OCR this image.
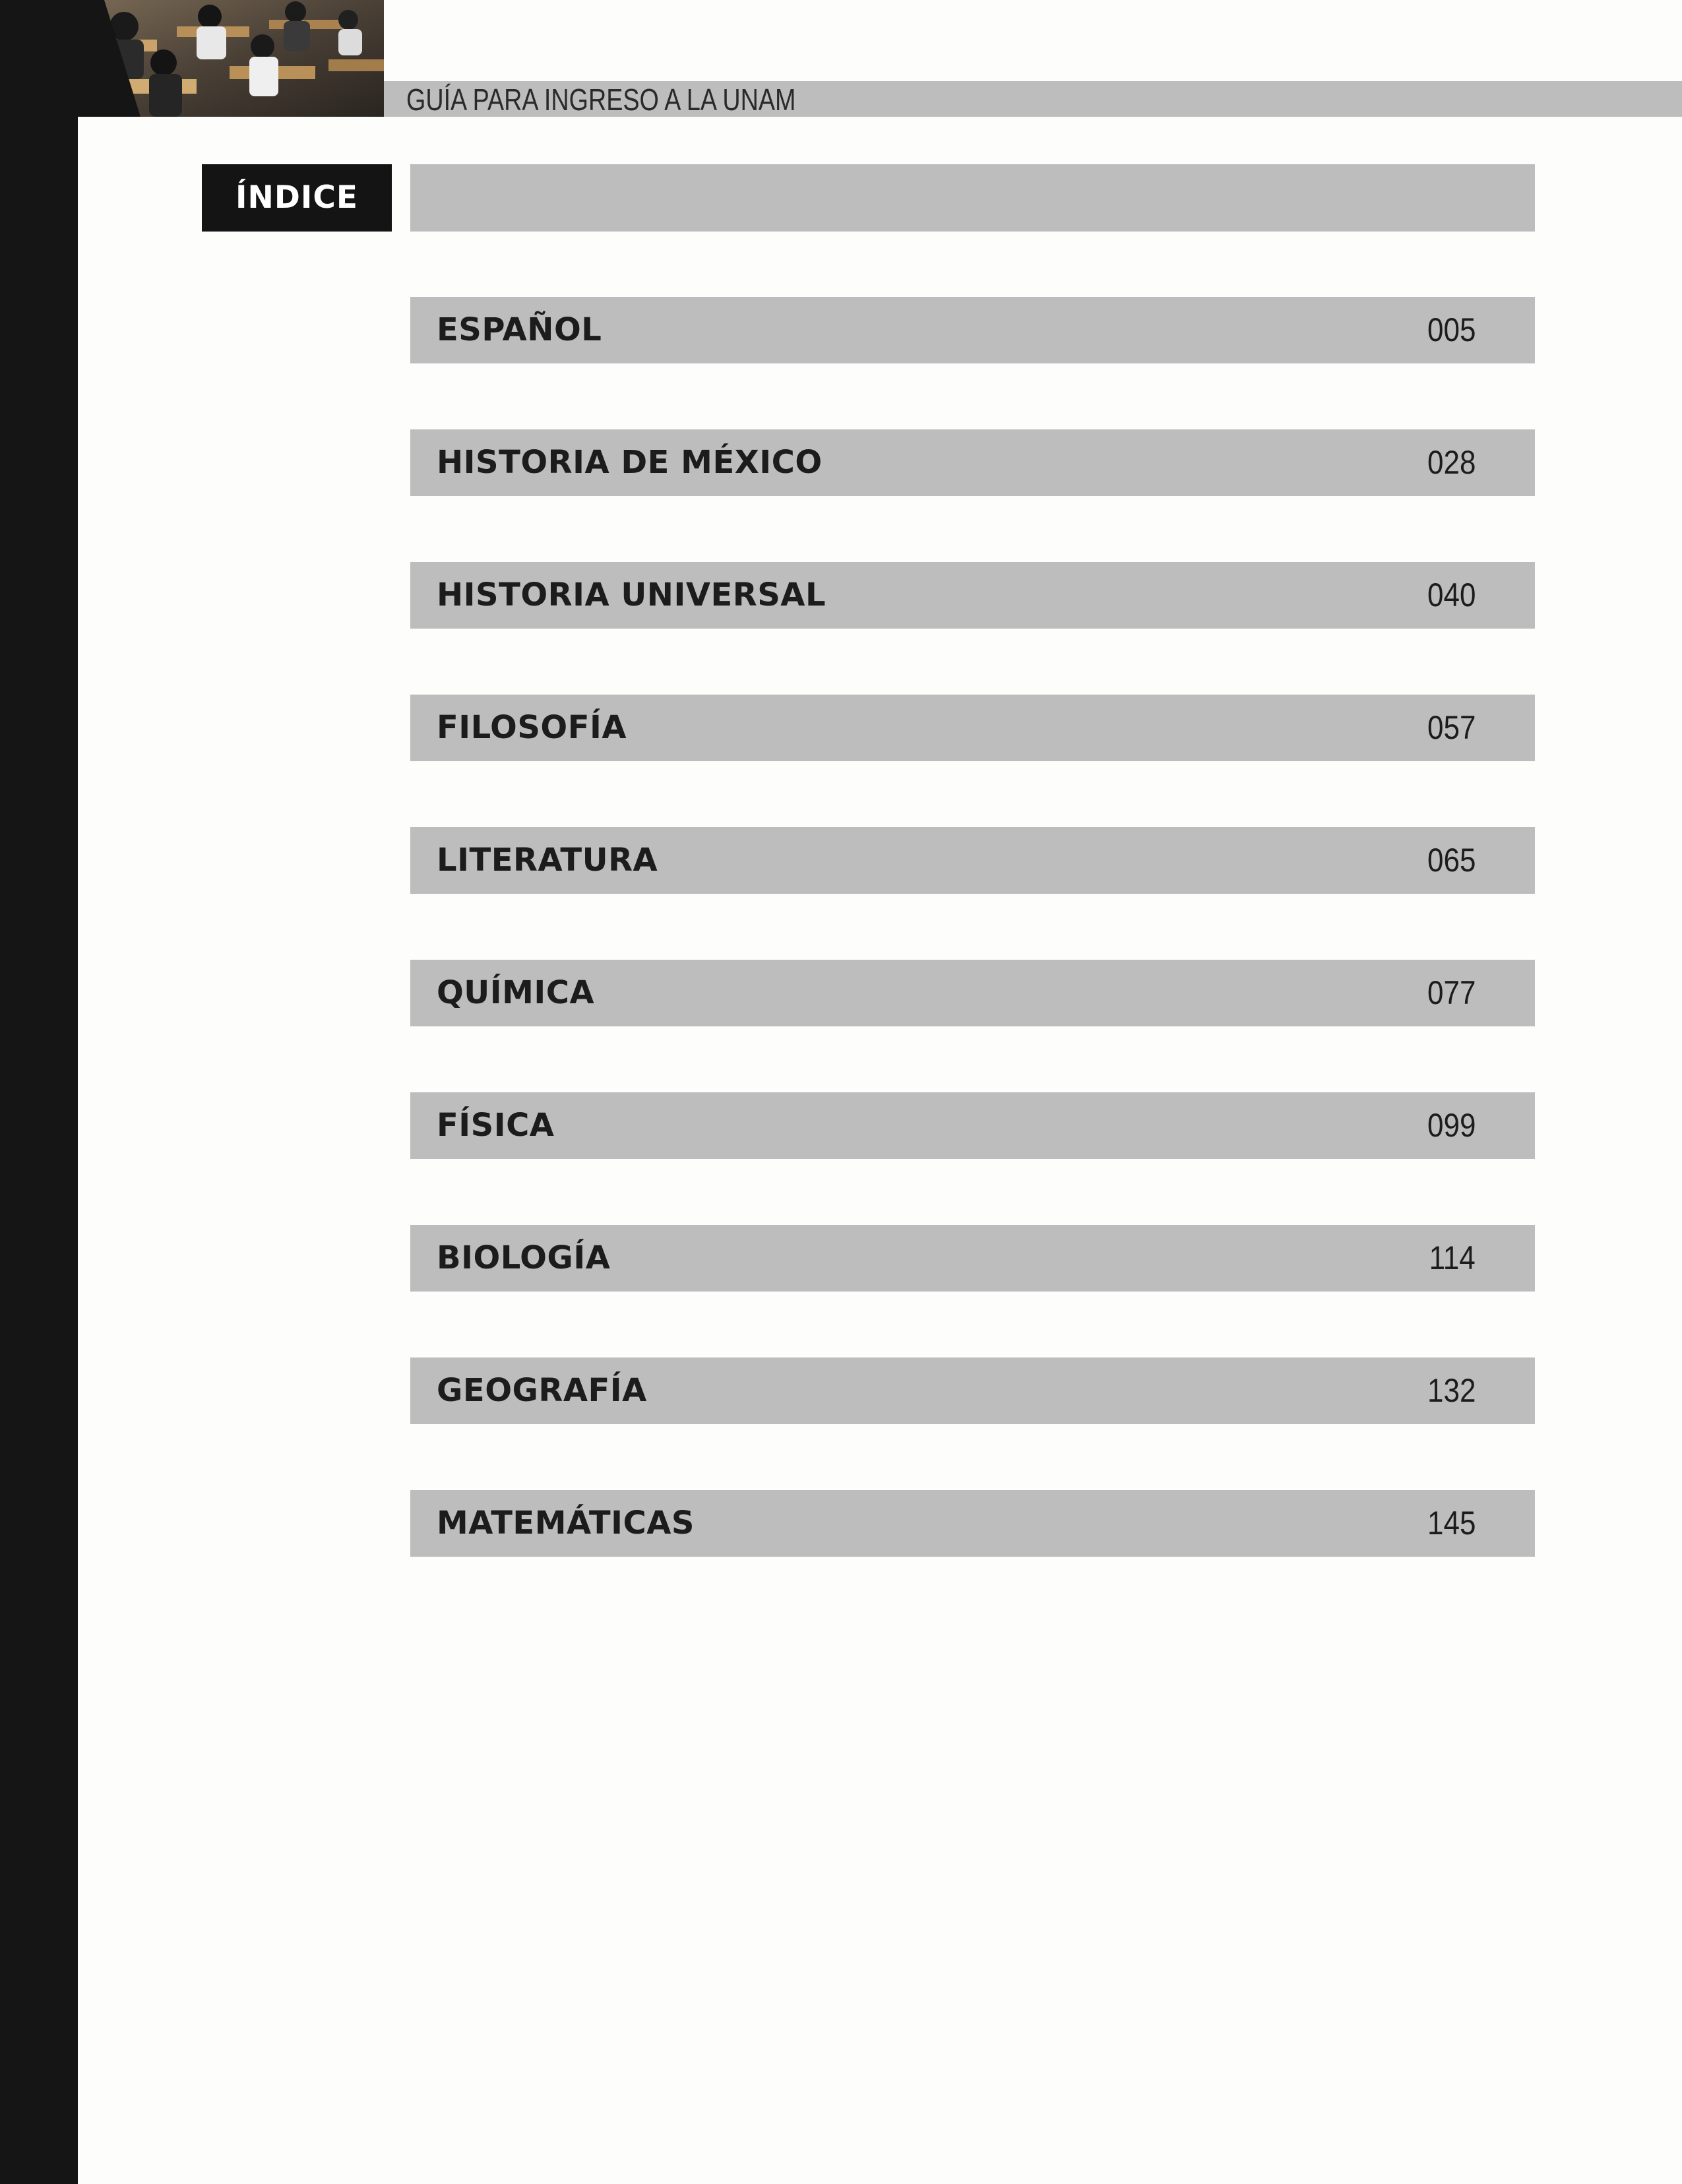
GUÍA PARA INGRESO A LA UNAM
ÍNDICE
ESPAÑOL	005
HISTORIA DE MÉXICO	028
HISTORIA UNIVERSAL	040
FILOSOFÍA	057
LITERATURA	065
QUÍMICA	077
FÍSICA	099
BIOLOGÍA	114
GEOGRAFÍA	132
MATEMÁTICAS	145
